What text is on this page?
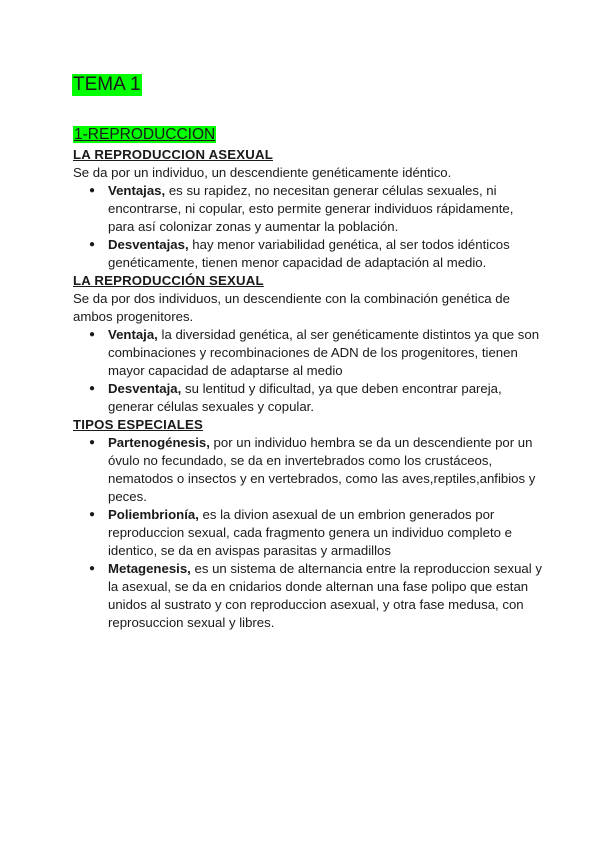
TEMA 1
1-REPRODUCCION
LA REPRODUCCION ASEXUAL

Se da por un individuo, un descendiente genéticamente idéntico.

● Ventajas, es su rapidez, no necesitan generar células sexuales, ni encontrarse, ni copular, esto permite generar individuos rápidamente, para así colonizar zonas y aumentar la población.
● Desventajas, hay menor variabilidad genética, al ser todos idénticos genéticamente, tienen menor capacidad de adaptación al medio.
LA REPRODUCCIÓN SEXUAL

Se da por dos individuos, un descendiente con la combinación genética de ambos progenitores.

● Ventaja, la diversidad genética, al ser genéticamente distintos ya que son combinaciones y recombinaciones de ADN de los progenitores, tienen mayor capacidad de adaptarse al medio
● Desventaja, su lentitud y dificultad, ya que deben encontrar pareja, generar células sexuales y copular.
TIPOS ESPECIALES
● Partenogénesis, por un individuo hembra se da un descendiente por un óvulo no fecundado, se da en invertebrados como los crustáceos, nematodos o insectos y en vertebrados, como las aves,reptiles,anfibios y peces.
● Poliembrionía, es la divion asexual de un embrion generados por reproduccion sexual, cada fragmento genera un individuo completo e identico, se da en avispas parasitas y armadillos
● Metagenesis, es un sistema de alternancia entre la reproduccion sexual y la asexual, se da en cnidarios donde alternan una fase polipo que estan unidos al sustrato y con reproduccion asexual, y otra fase medusa, con reprosuccion sexual y libres.
